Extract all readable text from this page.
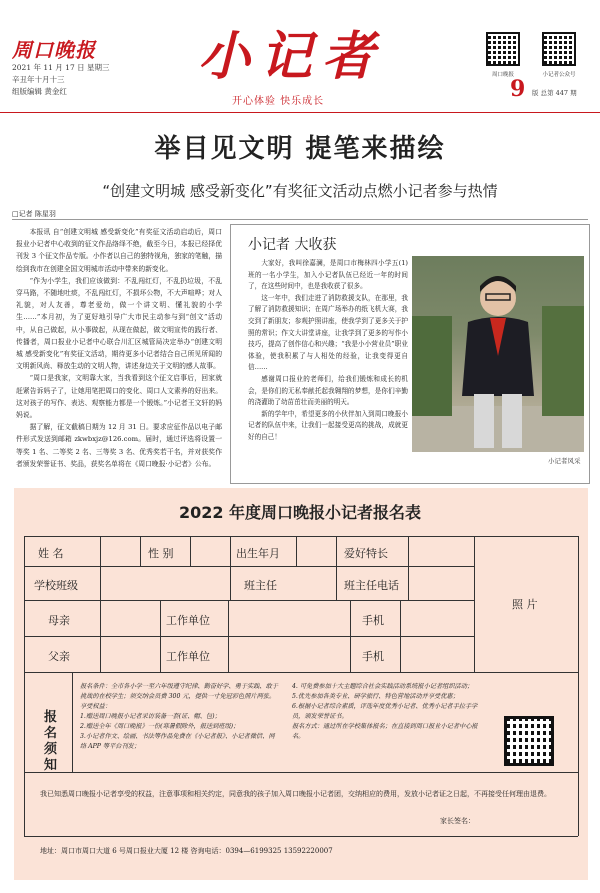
周口晚报
2021 年 11 月 17 日 星期三
辛丑年十月十三
组版编辑 黄金红
小记者
开心体验 快乐成长
周口晚报	小记者公众号
9 版 总第 447 期
举目见文明 提笔来描绘
“创建文明城 感受新变化”有奖征文活动点燃小记者参与热情
□记者 陈星羽

本报讯 自“创建文明城 感受新变化”有奖征文活动启动后，周口报业小记者中心收到的征文作品络绎不绝，截至今日，本报已经择优刊发 3 个征文作品专版。小作者以自己的独特视角，独家的笔触，描绘到我市在创建全国文明城市活动中带来的新变化。

“作为小学生，我们应该做到：不乱闯红灯，不乱扔垃圾，不乱穿马路，不随地吐痰，不乱闯红灯，不损坏公物，不大声喧哗；对人礼貌，对人友善，尊老爱幼，做一个讲文明、懂礼貌的小学生……”本月初，为了更好地引导广大市民主动参与到“创文”活动中，从自己做起，从小事做起，从现在做起，做文明宣传的践行者、传播者，周口报业小记者中心联合川汇区城管局决定举办“创建文明城 感受新变化”有奖征文活动，期待更多小记者结合自己所见所闻的文明新风尚、释放生动的文明人物，讲述身边关于文明的感人故事。

“周口是我家，文明靠大家，当我看到这个征文启事后，回家就赶紧告诉妈子了，让她用笔把周口的变化、周口人文素养的好出来。这对孩子的写作、表达、观察能力都是一个锻炼。”小记者王文轩的妈妈说。

据了解，征文截稿日期为 12 月 31 日。要求应征作品以电子邮件形式发送到邮箱 zkwbxjz@126.com。届时，通过评选将设置一等奖 1 名、二等奖 2 名、三等奖 3 名、优秀奖若干名，并对获奖作者颁发荣誉证书、奖品，获奖名单将在《周口晚报·小记者》公布。

小记者 大收获

大家好，我叫徐嘉澜，是周口市梅林四小学五(1)班的一名小学生，加入小记者队伍已经近一年的时间了，在这些时间中，也是我收获了很多。

这一年中，我们走进了消防救援支队，在那里，我了解了消防救援知识；在周广场举办的纸飞机大赛，我交到了新朋友；参观护照讲座，使我学到了更多关于护照的常识；作文大讲堂讲座，让我学到了更多的写作小技巧，提高了创作信心和兴趣；“我是小小营业员”职业体验，使我积累了与人相处的经验，让我变得更自信……

感谢周口报业的老师们，给我们锻炼和成长的机会，是你们的无私奉献托起我翱翔的梦想，是你们辛勤的浇灌助了幼苗茁壮而美丽的明天。

新的学年中，希望更多的小伙伴加入到周口晚报小记者的队伍中来，让我们一起接受更高的挑战，成就更好的自己！

小记者风采
2022 年度周口晚报小记者报名表
姓 名	性 别	出生年月	爱好特长
学校班级	班主任	班主任电话
照 片
母亲	工作单位	手机
父亲	工作单位	手机
报名须知
报名条件：全市各小学一至六年级遵守纪律、勤奋好学、勇于实践、敢于挑战的在校学生；须交纳会员费 300 元，提供一寸免冠彩色照片两张。
享受权益：
1.赠送周口晚报小记者采访装备一套(证、帽、包)；
2.赠送全年《周口晚报》一份(寒暑假除外，报送到班级)；
3.小记者作文、绘画、书法等作品免费在《小记者报》、小记者微信、网络 APP 等平台刊发；
4. 可免费参加十大主题综合社会实践活动系统报小记者组织活动；
5.优先参加各类专业、研学旅行、特色营地活动并享受优惠；
6.根据小记者综合素质，评选年度优秀小记者、优秀小记者手拉手学员，颁发荣誉证书。
报名方式：通过所在学校集体报名；在直接到周口报业小记者中心报名。
我已知悉周口晚报小记者享受的权益，注意事项和相关约定，同意我的孩子加入周口晚报小记者团，交纳相应的费用，发放小记者证之日起，不再接受任何理由退费。
家长签名：
地址：周口市周口大道 6 号周口报业大厦 12 楼 咨询电话：0394—6199325 13592220007
